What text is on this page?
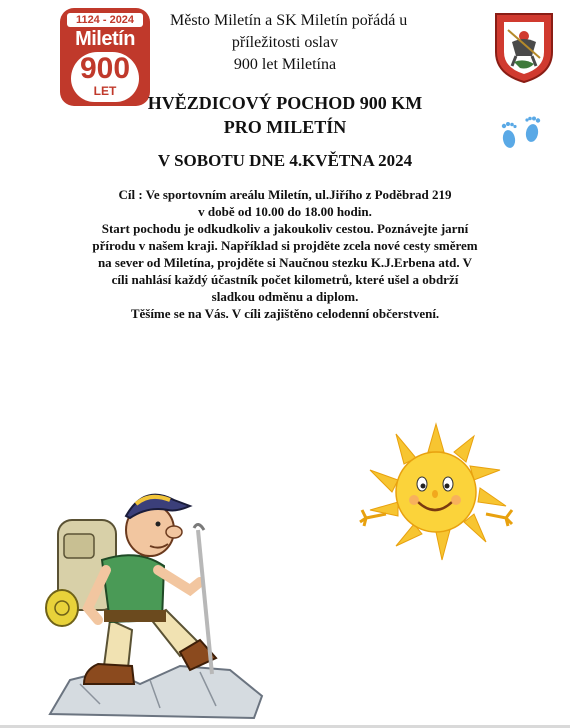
1124 - 2024
Miletín
900
LET
Město Miletín a SK Miletín pořádá u
příležitosti oslav
900 let Miletína
HVĚZDICOVÝ POCHOD 900 KM
PRO MILETÍN
V SOBOTU DNE 4.KVĚTNA 2024
Cíl : Ve sportovním areálu Miletín, ul.Jiřího z Poděbrad 219
v době od 10.00 do 18.00 hodin.
Start pochodu je odkudkoliv a jakoukoliv cestou. Poznávejte jarní
přírodu v našem kraji. Například si projděte zcela nové cesty směrem
na sever od Miletína, projděte si Naučnou stezku K.J.Erbena atd. V
cíli nahlásí každý účastník počet kilometrů, které ušel a obdrží
sladkou odměnu a diplom.
Těšíme se na Vás. V cíli zajištěno celodenní občerstvení.
